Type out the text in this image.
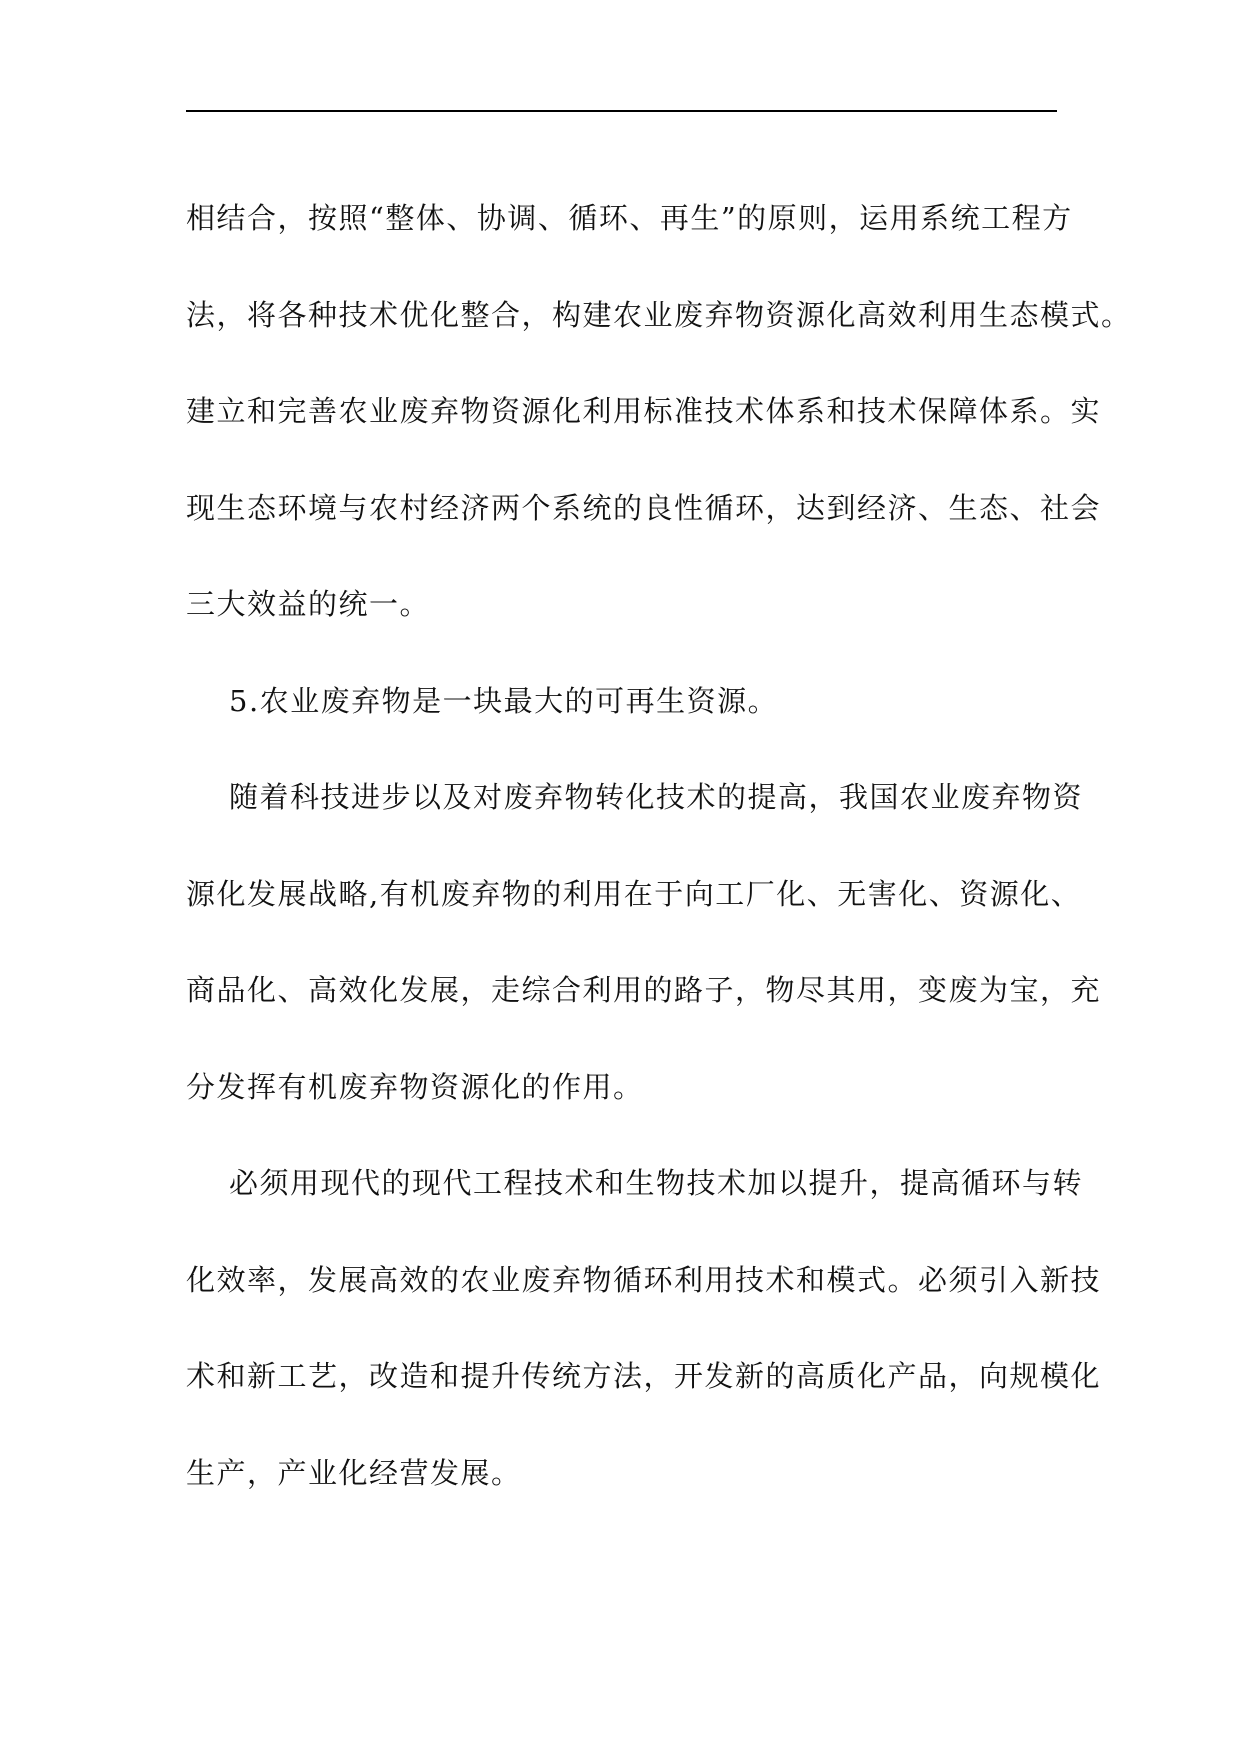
相结合，按照“整体、协调、循环、再生”的原则，运用系统工程方
法，将各种技术优化整合，构建农业废弃物资源化高效利用生态模式。
建立和完善农业废弃物资源化利用标准技术体系和技术保障体系。实
现生态环境与农村经济两个系统的良性循环，达到经济、生态、社会
三大效益的统一。

5.农业废弃物是一块最大的可再生资源。

随着科技进步以及对废弃物转化技术的提高，我国农业废弃物资
源化发展战略,有机废弃物的利用在于向工厂化、无害化、资源化、
商品化、高效化发展，走综合利用的路子，物尽其用，变废为宝，充
分发挥有机废弃物资源化的作用。

必须用现代的现代工程技术和生物技术加以提升，提高循环与转
化效率，发展高效的农业废弃物循环利用技术和模式。必须引入新技
术和新工艺，改造和提升传统方法，开发新的高质化产品，向规模化
生产，产业化经营发展。
